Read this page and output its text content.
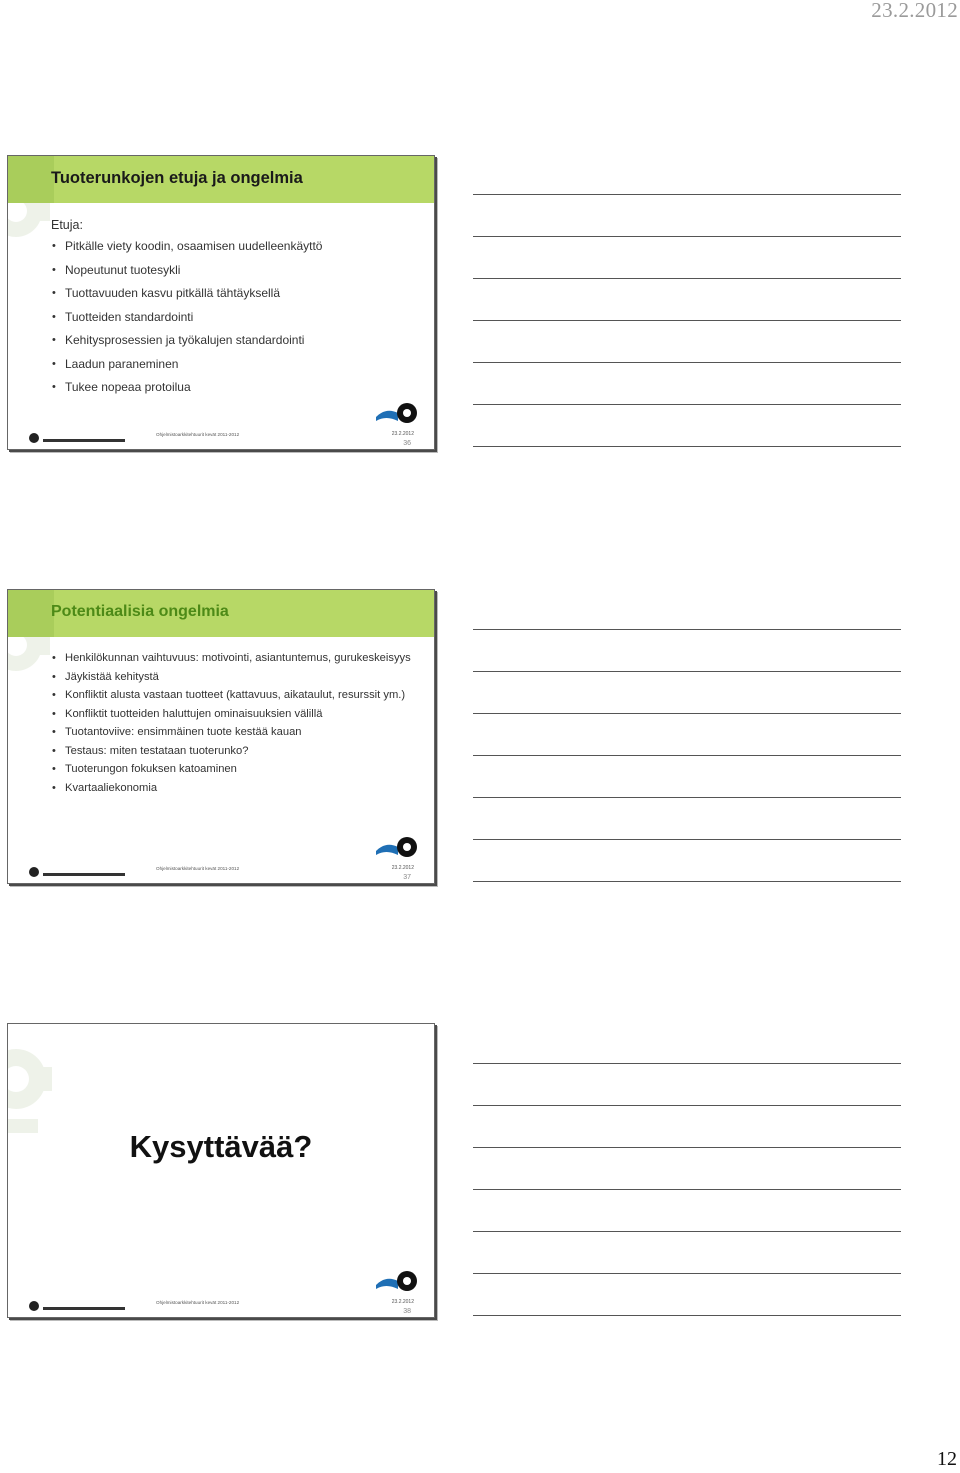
23.2.2012
Tuoterunkojen etuja ja ongelmia
Etuja:
• Pitkälle viety koodin, osaamisen uudelleenkäyttö
• Nopeutunut tuotesykli
• Tuottavuuden kasvu pitkällä tähtäyksellä
• Tuotteiden standardointi
• Kehitysprosessien ja työkalujen standardointi
• Laadun paraneminen
• Tukee nopeaa protoilua
Ohjelmistoarkkitehtuurit kevät 2011-2012	23.2.2012
36
Potentiaalisia ongelmia
• Henkilökunnan vaihtuvuus: motivointi, asiantuntemus, gurukeskeisyys
• Jäykistää kehitystä
• Konfliktit alusta vastaan tuotteet (kattavuus, aikataulut, resurssit ym.)
• Konfliktit tuotteiden haluttujen ominaisuuksien välillä
• Tuotantoviive: ensimmäinen tuote kestää kauan
• Testaus: miten testataan tuoterunko?
• Tuoterungon fokuksen katoaminen
• Kvartaaliekonomia
Ohjelmistoarkkitehtuurit kevät 2011-2012	23.2.2012
37
Kysyttävää?
Ohjelmistoarkkitehtuurit kevät 2011-2012	23.2.2012
38
12
